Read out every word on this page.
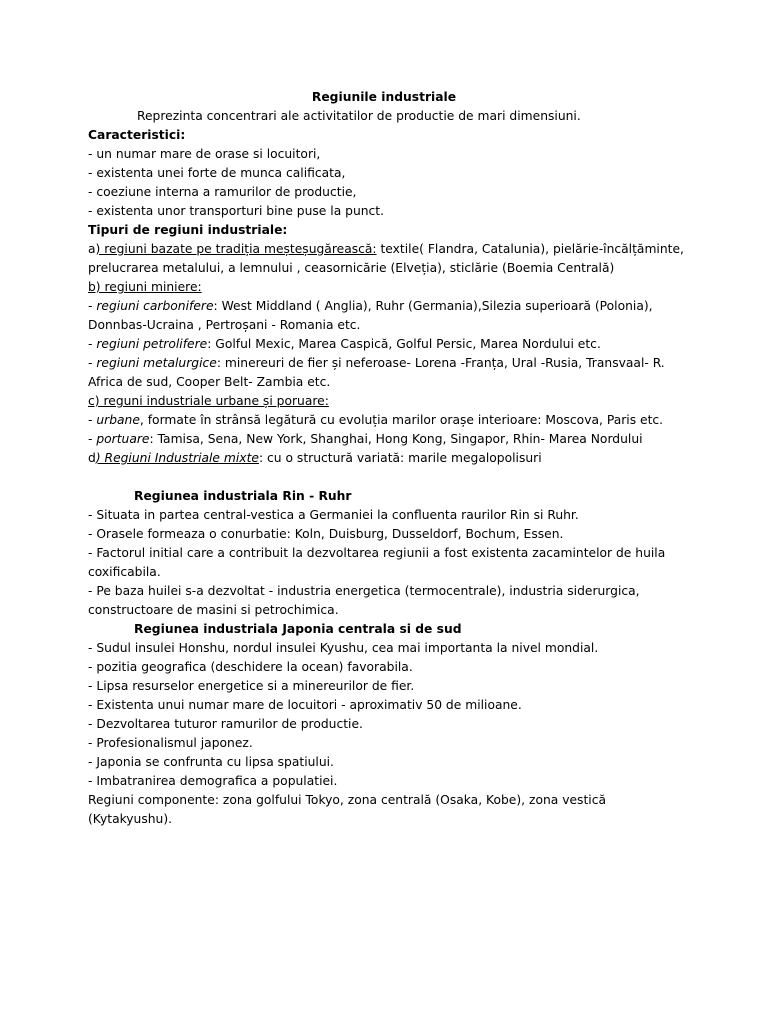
Regiunile industriale
Reprezinta concentrari ale activitatilor de productie de mari dimensiuni.
Caracteristici:
- un numar mare de orase si locuitori,
- existenta unei forte de munca calificata,
- coeziune interna a ramurilor de productie,
- existenta unor transporturi bine puse la punct.
Tipuri de regiuni industriale:
a) regiuni bazate pe tradiția meșteșugărească: textile( Flandra, Catalunia), pielărie-încălțăminte,
prelucrarea metalului, a lemnului , ceasornicărie (Elveția), sticlărie (Boemia Centrală)
b) regiuni miniere:
- regiuni carbonifere: West Middland ( Anglia), Ruhr (Germania),Silezia superioară (Polonia),
Donnbas-Ucraina , Pertroșani - Romania etc.
- regiuni petrolifere: Golful Mexic, Marea Caspică, Golful Persic, Marea Nordului etc.
- regiuni metalurgice: minereuri de fier și neferoase- Lorena -Franța, Ural -Rusia, Transvaal- R.
Africa de sud, Cooper Belt- Zambia etc.
c) reguni industriale urbane și poruare:
- urbane, formate în strânsă legătură cu evoluția marilor orașe interioare: Moscova, Paris etc.
- portuare: Tamisa, Sena, New York, Shanghai, Hong Kong, Singapor, Rhin- Marea Nordului
d) Regiuni Industriale mixte: cu o structură variată: marile megalopolisuri
Regiunea industriala Rin - Ruhr
- Situata in partea central-vestica a Germaniei la confluenta raurilor Rin si Ruhr.
- Orasele formeaza o conurbatie: Koln, Duisburg, Dusseldorf, Bochum, Essen.
- Factorul initial care a contribuit la dezvoltarea regiunii a fost existenta zacamintelor de huila
coxificabila.
- Pe baza huilei s-a dezvoltat - industria energetica (termocentrale), industria siderurgica,
constructoare de masini si petrochimica.
Regiunea industriala Japonia centrala si de sud
- Sudul insulei Honshu, nordul insulei Kyushu, cea mai importanta la nivel mondial.
- pozitia geografica (deschidere la ocean) favorabila.
- Lipsa resurselor energetice si a minereurilor de fier.
- Existenta unui numar mare de locuitori - aproximativ 50 de milioane.
- Dezvoltarea tuturor ramurilor de productie.
- Profesionalismul japonez.
- Japonia se confrunta cu lipsa spatiului.
- Imbatranirea demografica a populatiei.
Regiuni componente: zona golfului Tokyo, zona centrală (Osaka, Kobe), zona vestică
(Kytakyushu).
